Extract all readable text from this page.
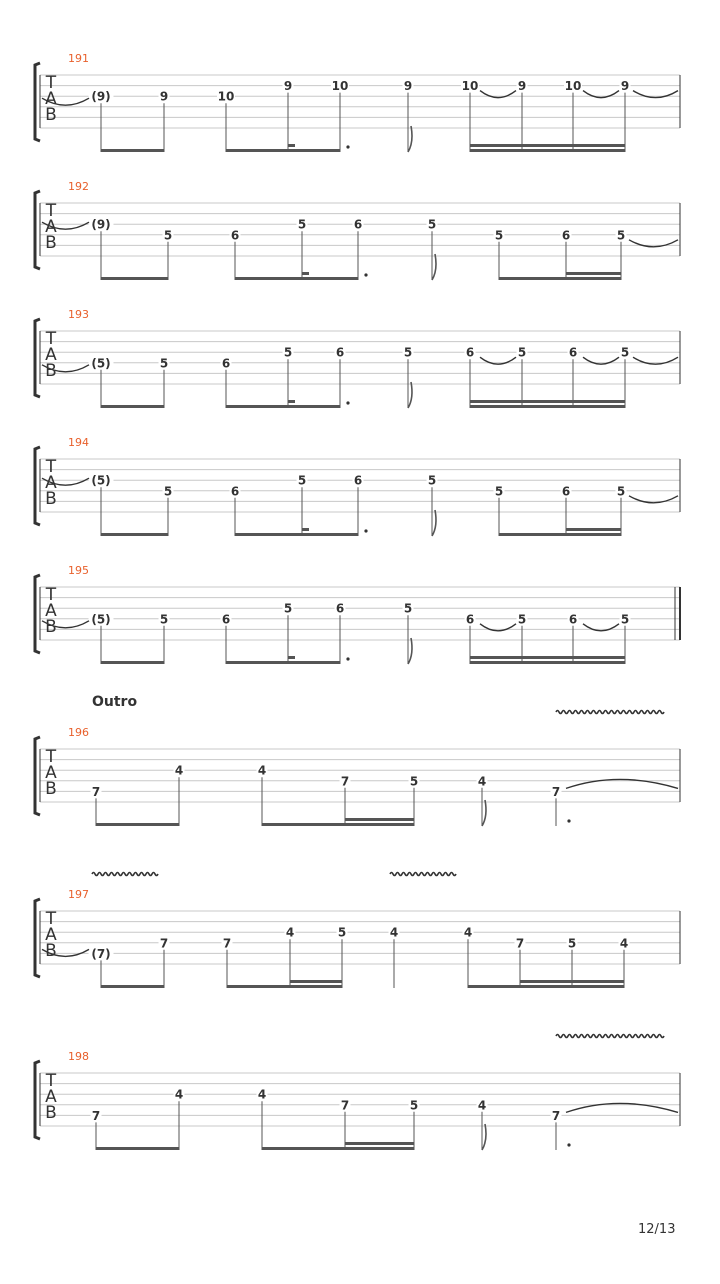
T
A
B
191
(9)	9	10
9	10	9	10	9	10	9
T
A
B
192
(9)
5	6
5	6	5
5	6	5
T
A
B
193
(5)	5	6
5	6	5	6	5	6	5
T
A
B
194
(5)
5	6
5	6	5
5	6	5
T
A
B
195
(5)	5	6
5	6	5
6	5	6	5
T
A
B
196
7
4	4
7	5	4
7
T
A
B
197
(7)
7	7
4	5	4	4
7	5	4
T
A
B
198
7
4	4
7	5	4
7
Outro
12/13
